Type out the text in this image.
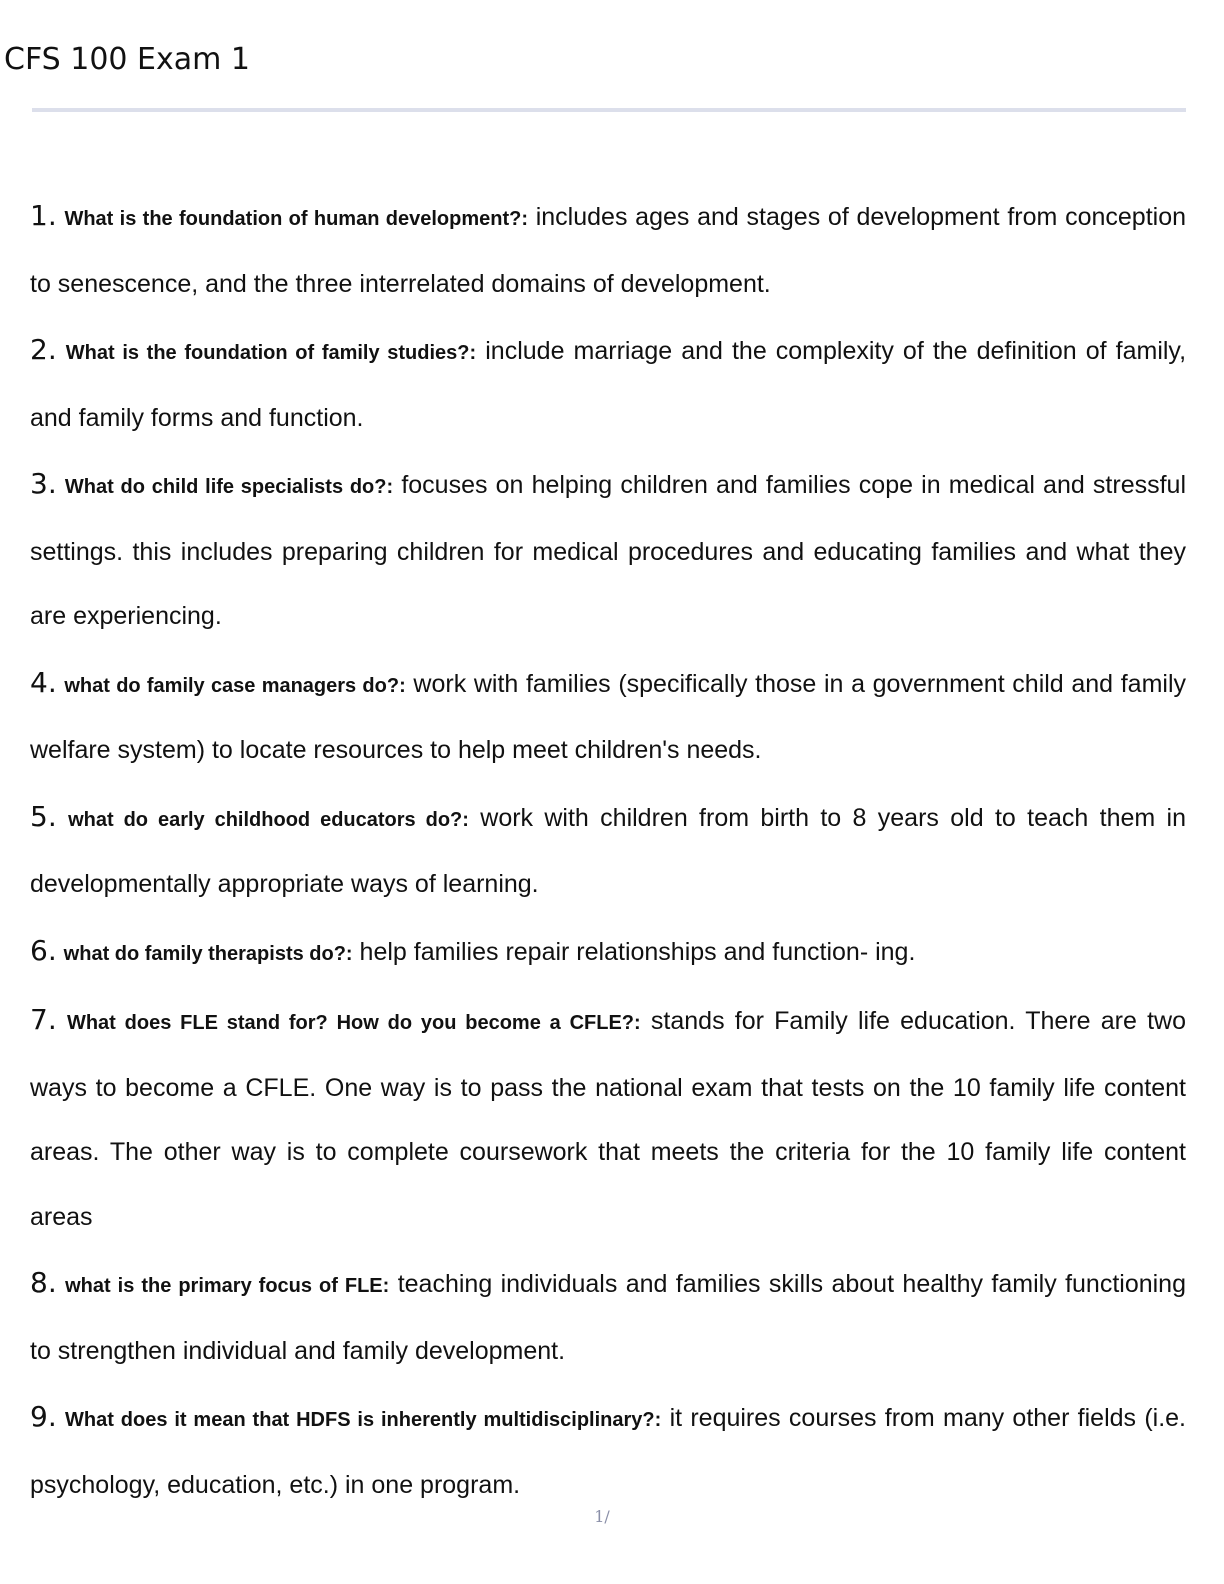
CFS 100 Exam 1
1. What is the foundation of human development?: includes ages and stages of development from conception to senescence, and the three interrelated domains of development.
2. What is the foundation of family studies?: include marriage and the complexity of the definition of family, and family forms and function.
3. What do child life specialists do?: focuses on helping children and families cope in medical and stressful settings. this includes preparing children for medical procedures and educating families and what they are experiencing.
4. what do family case managers do?: work with families (specifically those in a government child and family welfare system) to locate resources to help meet children's needs.
5. what do early childhood educators do?: work with children from birth to 8 years old to teach them in developmentally appropriate ways of learning.
6. what do family therapists do?: help families repair relationships and function- ing.
7. What does FLE stand for? How do you become a CFLE?: stands for Family life education. There are two ways to become a CFLE. One way is to pass the national exam that tests on the 10 family life content areas. The other way is to complete coursework that meets the criteria for the 10 family life content areas
8. what is the primary focus of FLE: teaching individuals and families skills about healthy family functioning to strengthen individual and family development.
9. What does it mean that HDFS is inherently multidisciplinary?: it requires courses from many other fields (i.e. psychology, education, etc.) in one program.
1/
